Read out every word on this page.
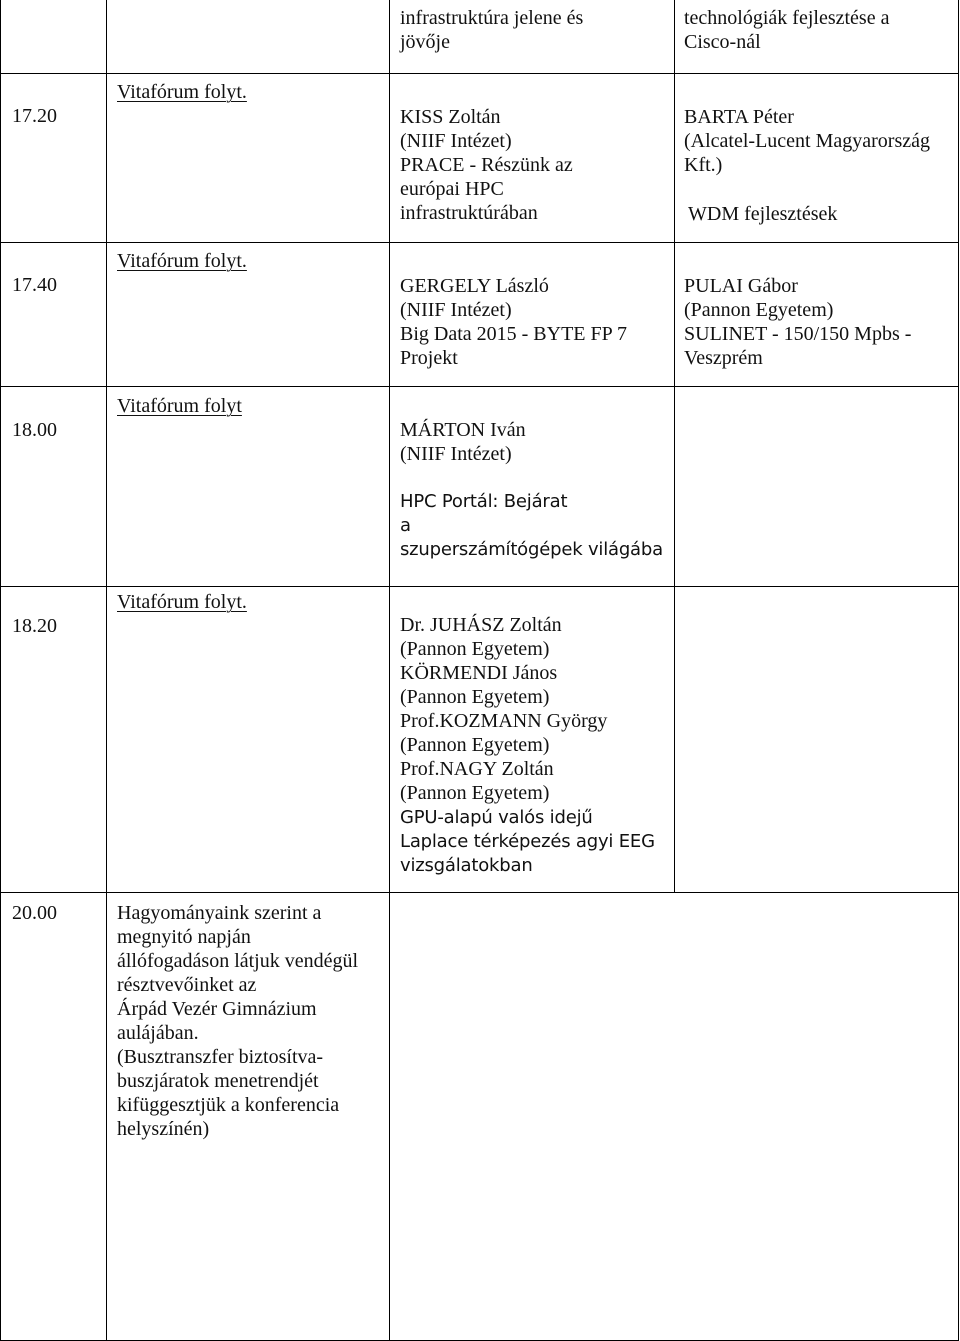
infrastruktúra jelene és
jövője
technológiák fejlesztése a
Cisco-nál
17.20
Vitafórum folyt.
KISS Zoltán
(NIIF Intézet)
PRACE - Részünk az
európai HPC
infrastruktúrában
BARTA Péter
(Alcatel-Lucent Magyarország
Kft.)
WDM fejlesztések
17.40
Vitafórum folyt.
GERGELY László
(NIIF Intézet)
Big Data 2015 - BYTE FP 7
Projekt
PULAI Gábor
(Pannon Egyetem)
SULINET - 150/150 Mpbs -
Veszprém
18.00
Vitafórum folyt
MÁRTON Iván
(NIIF Intézet)
HPC Portál: Bejárat
a
szuperszámítógépek világába
18.20
Vitafórum folyt.
Dr. JUHÁSZ Zoltán
(Pannon Egyetem)
KÖRMENDI János
(Pannon Egyetem)
Prof.KOZMANN György
(Pannon Egyetem)
Prof.NAGY Zoltán
(Pannon Egyetem)
GPU-alapú valós idejű
Laplace térképezés agyi EEG
vizsgálatokban
20.00	Hagyományaink szerint a
megnyitó napján
állófogadáson látjuk vendégül
résztvevőinket az
Árpád Vezér Gimnázium
aulájában.
(Busztranszfer biztosítva-
buszjáratok menetrendjét
kifüggesztjük a konferencia
helyszínén)
